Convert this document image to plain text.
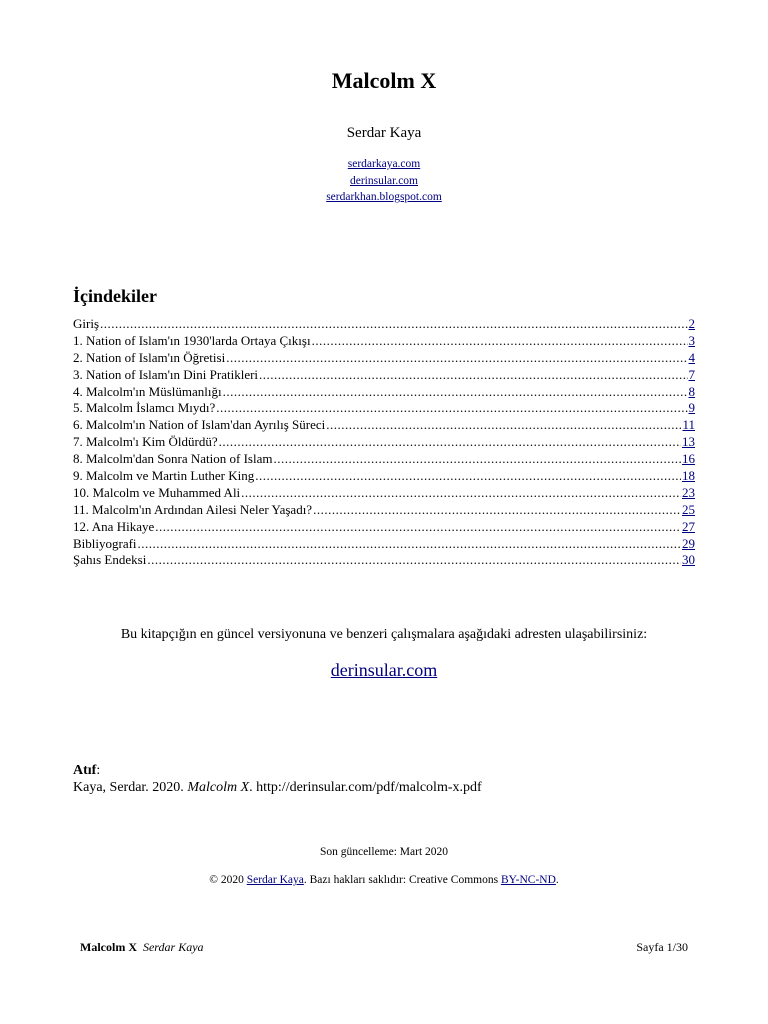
Malcolm X
Serdar Kaya
serdarkaya.com
derinsular.com
serdarkhan.blogspot.com
İçindekiler
Giriş .....	2
1. Nation of Islam'ın 1930'larda Ortaya Çıkışı .....	3
2. Nation of Islam'ın Öğretisi .....	4
3. Nation of Islam'ın Dini Pratikleri .....	7
4. Malcolm'ın Müslümanlığı .....	8
5. Malcolm İslamcı Mıydı? .....	9
6. Malcolm'ın Nation of Islam'dan Ayrılış Süreci .....	11
7. Malcolm'ı Kim Öldürdü? .....	13
8. Malcolm'dan Sonra Nation of Islam .....	16
9. Malcolm ve Martin Luther King .....	18
10. Malcolm ve Muhammed Ali .....	23
11. Malcolm'ın Ardından Ailesi Neler Yaşadı? .....	25
12. Ana Hikaye .....	27
Bibliyografi .....	29
Şahıs Endeksi .....	30
Bu kitapçığın en güncel versiyonuna ve benzeri çalışmalara aşağıdaki adresten ulaşabilirsiniz:
derinsular.com
Atıf:
Kaya, Serdar. 2020. Malcolm X. http://derinsular.com/pdf/malcolm-x.pdf
Son güncelleme: Mart 2020
© 2020 Serdar Kaya. Bazı hakları saklıdır: Creative Commons BY-NC-ND.
Malcolm X Serdar Kaya	Sayfa 1/30
